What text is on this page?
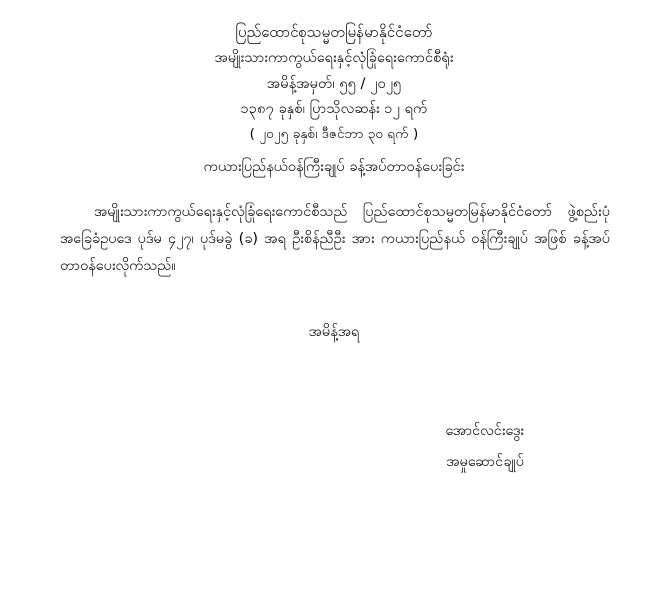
ပြည်ထောင်စုသမ္မတမြန်မာနိုင်ငံတော်
အမျိုးသားကာကွယ်ရေးနှင့်လုံခြုံရေးကောင်စီရုံး
အမိန့်အမှတ်၊ ၅၅ / ၂၀၂၅
၁၃၈၇ ခုနှစ်၊ ပြာသိုလဆန်း ၁၂ ရက်
( ၂၀၂၅ ခုနှစ်၊ ဒီဇင်ဘာ ၃၀ ရက် )
ကယားပြည်နယ်ဝန်ကြီးချုပ် ခန့်အပ်တာဝန်ပေးခြင်း
အမျိုးသားကာကွယ်ရေးနှင့်လုံခြုံရေးကောင်စီသည် ပြည်ထောင်စုသမ္မတမြန်မာနိုင်ငံတော် ဖွဲ့စည်းပုံအခြေခံဥပဒေ ပုဒ်မ ၄၂၇၊ ပုဒ်မခွဲ (ခ) အရ ဦးစိန်ညီဦး အား ကယားပြည်နယ် ဝန်ကြီးချုပ် အဖြစ် ခန့်အပ်တာဝန်ပေးလိုက်သည်။
အမိန့်အရ
အောင်လင်းဒွေး
အမှုဆောင်ချုပ်
